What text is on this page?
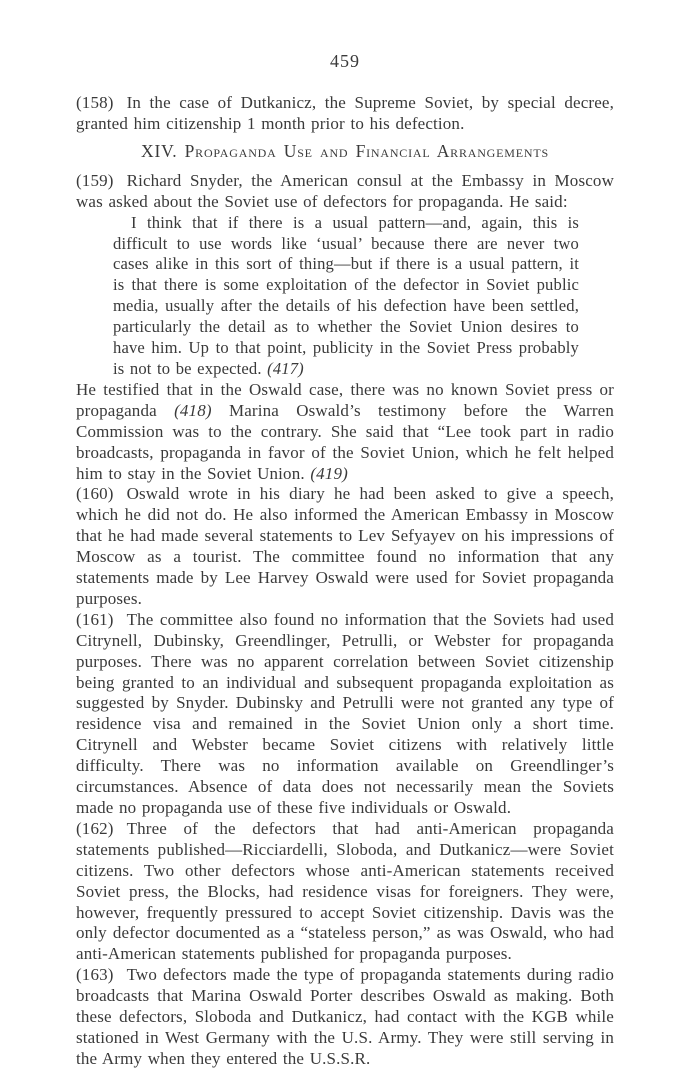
459

(158) In the case of Dutkanicz, the Supreme Soviet, by special decree, granted him citizenship 1 month prior to his defection.

XIV. Propaganda Use and Financial Arrangements

(159) Richard Snyder, the American consul at the Embassy in Moscow was asked about the Soviet use of defectors for propaganda. He said:

I think that if there is a usual pattern—and, again, this is difficult to use words like ‘usual’ because there are never two cases alike in this sort of thing—but if there is a usual pattern, it is that there is some exploitation of the defector in Soviet public media, usually after the details of his defection have been settled, particularly the detail as to whether the Soviet Union desires to have him. Up to that point, publicity in the Soviet Press probably is not to be expected. (417)

He testified that in the Oswald case, there was no known Soviet press or propaganda (418) Marina Oswald’s testimony before the Warren Commission was to the contrary. She said that “Lee took part in radio broadcasts, propaganda in favor of the Soviet Union, which he felt helped him to stay in the Soviet Union. (419)

(160) Oswald wrote in his diary he had been asked to give a speech, which he did not do. He also informed the American Embassy in Moscow that he had made several statements to Lev Sefyayev on his impressions of Moscow as a tourist. The committee found no information that any statements made by Lee Harvey Oswald were used for Soviet propaganda purposes.

(161) The committee also found no information that the Soviets had used Citrynell, Dubinsky, Greendlinger, Petrulli, or Webster for propaganda purposes. There was no apparent correlation between Soviet citizenship being granted to an individual and subsequent propaganda exploitation as suggested by Snyder. Dubinsky and Petrulli were not granted any type of residence visa and remained in the Soviet Union only a short time. Citrynell and Webster became Soviet citizens with relatively little difficulty. There was no information available on Greendlinger’s circumstances. Absence of data does not necessarily mean the Soviets made no propaganda use of these five individuals or Oswald.

(162) Three of the defectors that had anti-American propaganda statements published—Ricciardelli, Sloboda, and Dutkanicz—were Soviet citizens. Two other defectors whose anti-American statements received Soviet press, the Blocks, had residence visas for foreigners. They were, however, frequently pressured to accept Soviet citizenship. Davis was the only defector documented as a “stateless person,” as was Oswald, who had anti-American statements published for propaganda purposes.

(163) Two defectors made the type of propaganda statements during radio broadcasts that Marina Oswald Porter describes Oswald as making. Both these defectors, Sloboda and Dutkanicz, had contact with the KGB while stationed in West Germany with the U.S. Army. They were still serving in the Army when they entered the U.S.S.R.
